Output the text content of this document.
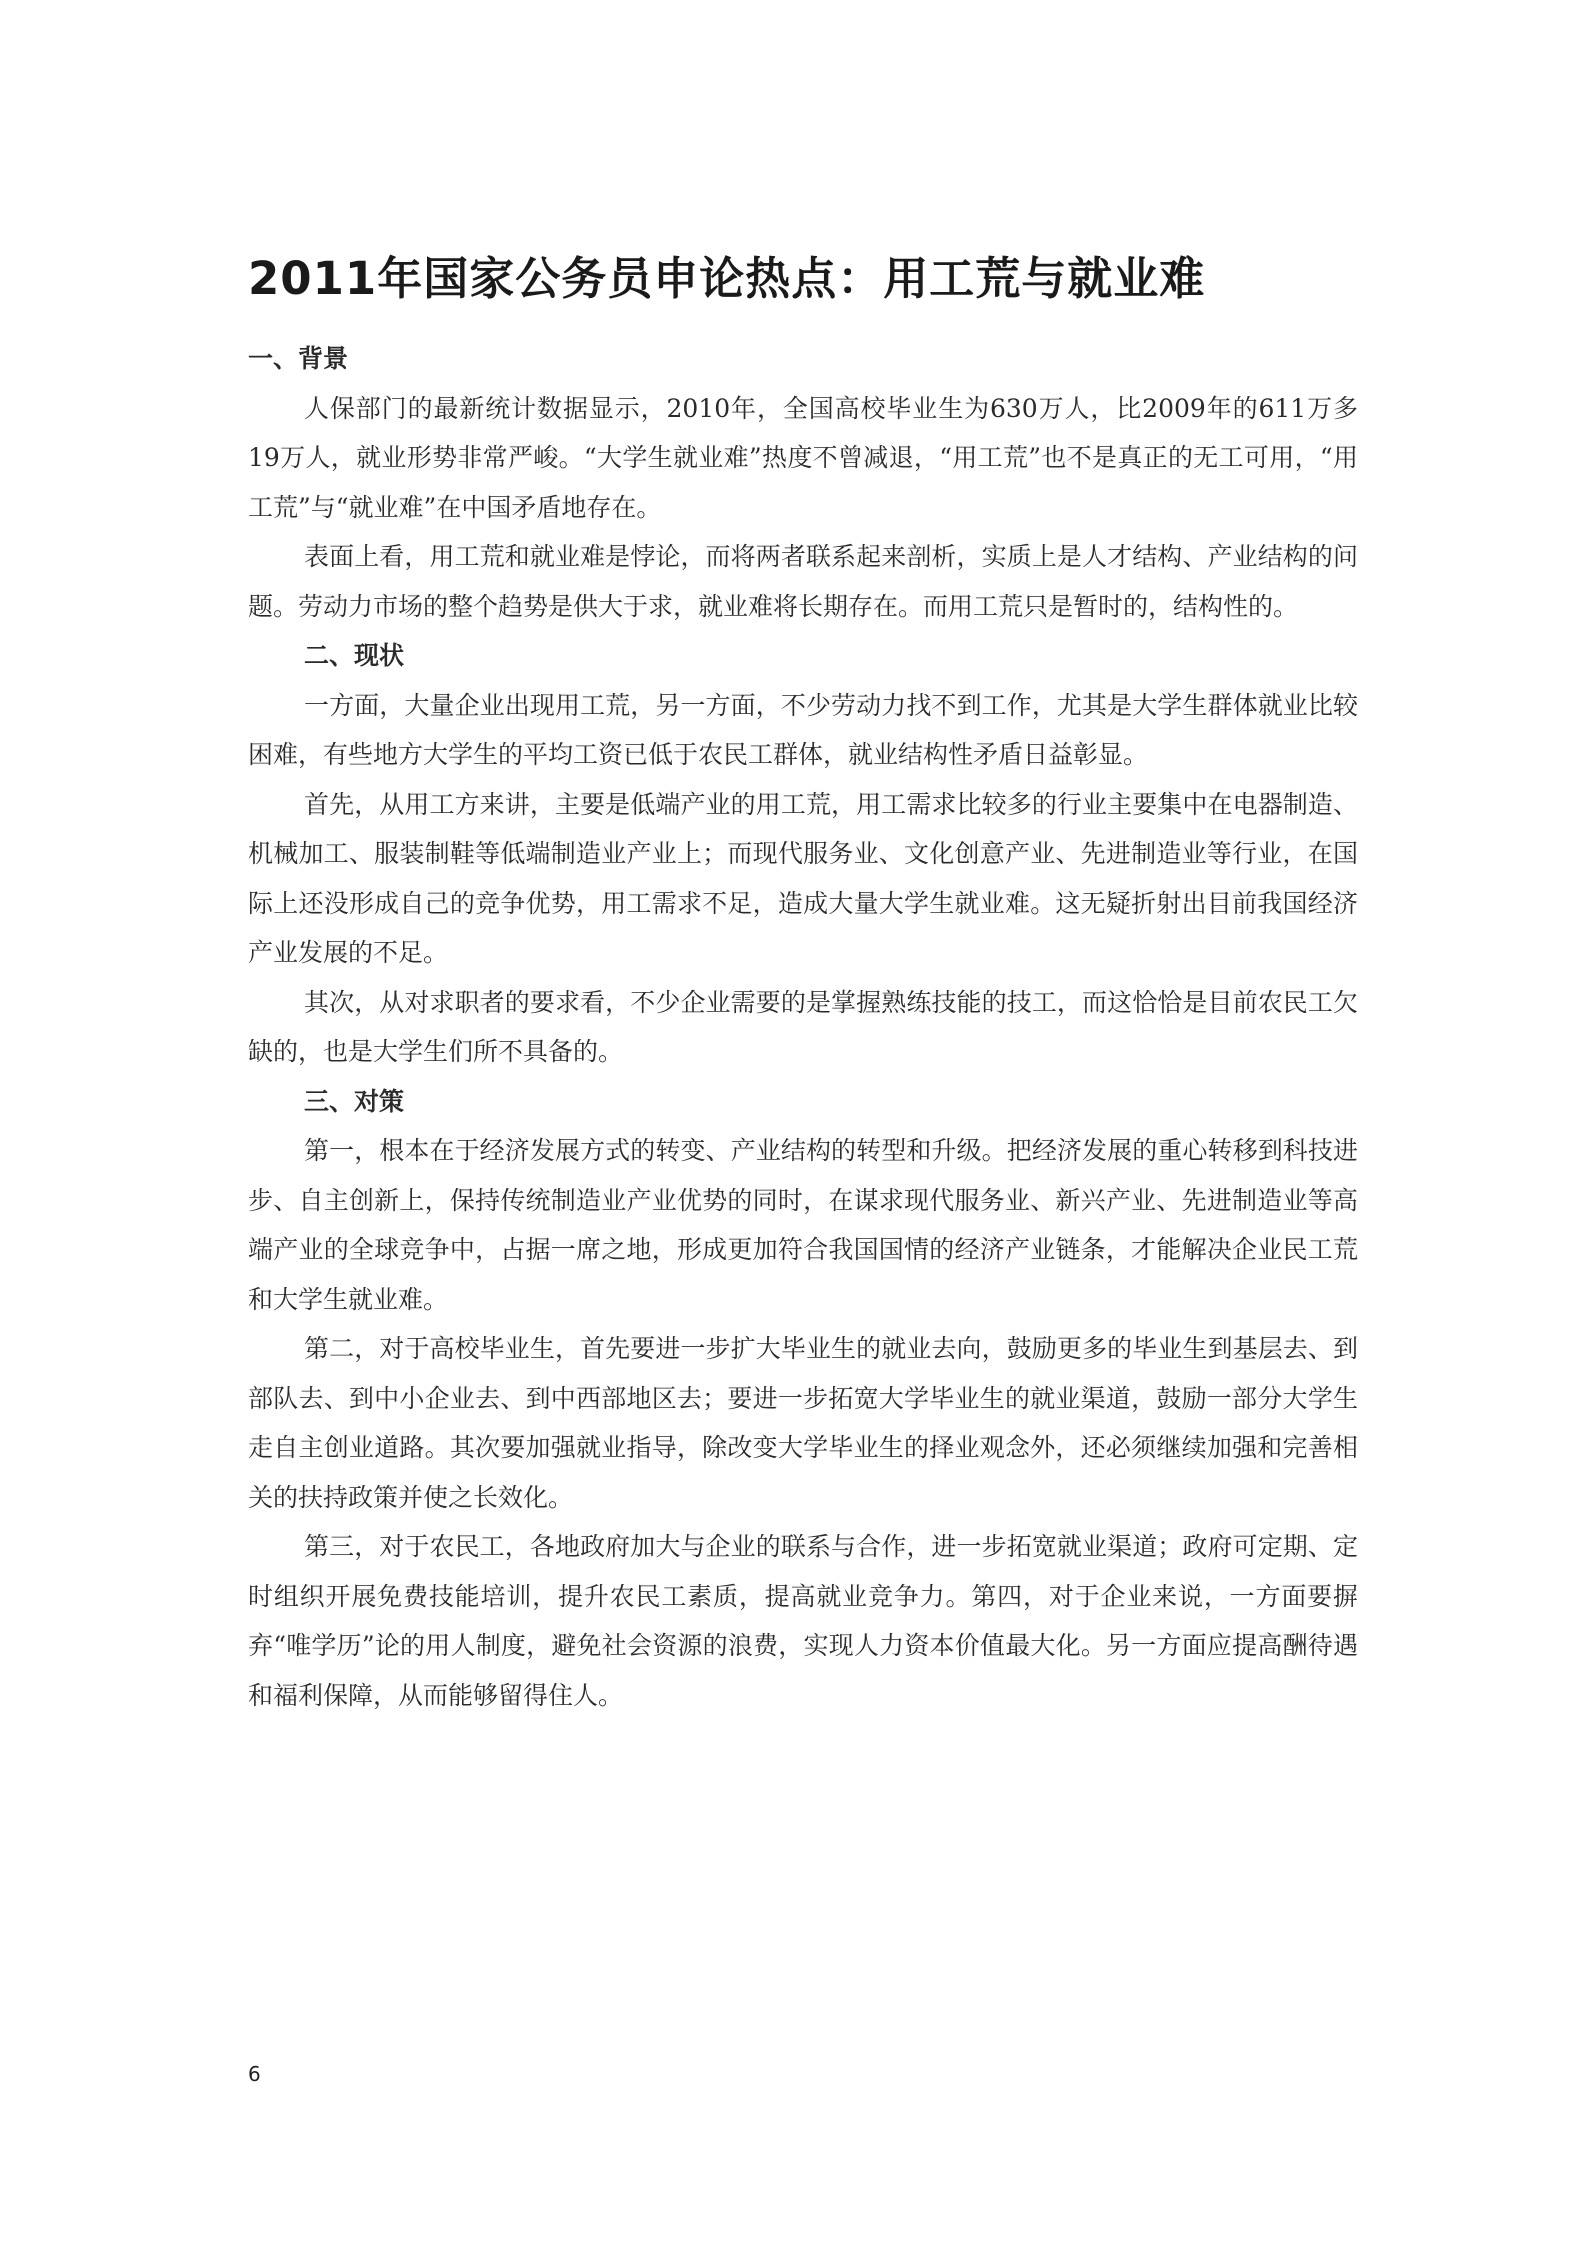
2011年国家公务员申论热点：用工荒与就业难
一、背景

人保部门的最新统计数据显示，2010年，全国高校毕业生为630万人，比2009年的611万多19万人，就业形势非常严峻。“大学生就业难”热度不曾减退，“用工荒”也不是真正的无工可用，“用工荒”与“就业难”在中国矛盾地存在。

表面上看，用工荒和就业难是悖论，而将两者联系起来剖析，实质上是人才结构、产业结构的问题。劳动力市场的整个趋势是供大于求，就业难将长期存在。而用工荒只是暂时的，结构性的。

二、现状

一方面，大量企业出现用工荒，另一方面，不少劳动力找不到工作，尤其是大学生群体就业比较困难，有些地方大学生的平均工资已低于农民工群体，就业结构性矛盾日益彰显。

首先，从用工方来讲，主要是低端产业的用工荒，用工需求比较多的行业主要集中在电器制造、机械加工、服装制鞋等低端制造业产业上；而现代服务业、文化创意产业、先进制造业等行业，在国际上还没形成自己的竞争优势，用工需求不足，造成大量大学生就业难。这无疑折射出目前我国经济产业发展的不足。

其次，从对求职者的要求看，不少企业需要的是掌握熟练技能的技工，而这恰恰是目前农民工欠缺的，也是大学生们所不具备的。

三、对策

第一，根本在于经济发展方式的转变、产业结构的转型和升级。把经济发展的重心转移到科技进步、自主创新上，保持传统制造业产业优势的同时，在谋求现代服务业、新兴产业、先进制造业等高端产业的全球竞争中，占据一席之地，形成更加符合我国国情的经济产业链条，才能解决企业民工荒和大学生就业难。

第二，对于高校毕业生，首先要进一步扩大毕业生的就业去向，鼓励更多的毕业生到基层去、到部队去、到中小企业去、到中西部地区去；要进一步拓宽大学毕业生的就业渠道，鼓励一部分大学生走自主创业道路。其次要加强就业指导，除改变大学毕业生的择业观念外，还必须继续加强和完善相关的扶持政策并使之长效化。

第三，对于农民工，各地政府加大与企业的联系与合作，进一步拓宽就业渠道；政府可定期、定时组织开展免费技能培训，提升农民工素质，提高就业竞争力。第四，对于企业来说，一方面要摒弃“唯学历”论的用人制度，避免社会资源的浪费，实现人力资本价值最大化。另一方面应提高酬待遇和福利保障，从而能够留得住人。

6
